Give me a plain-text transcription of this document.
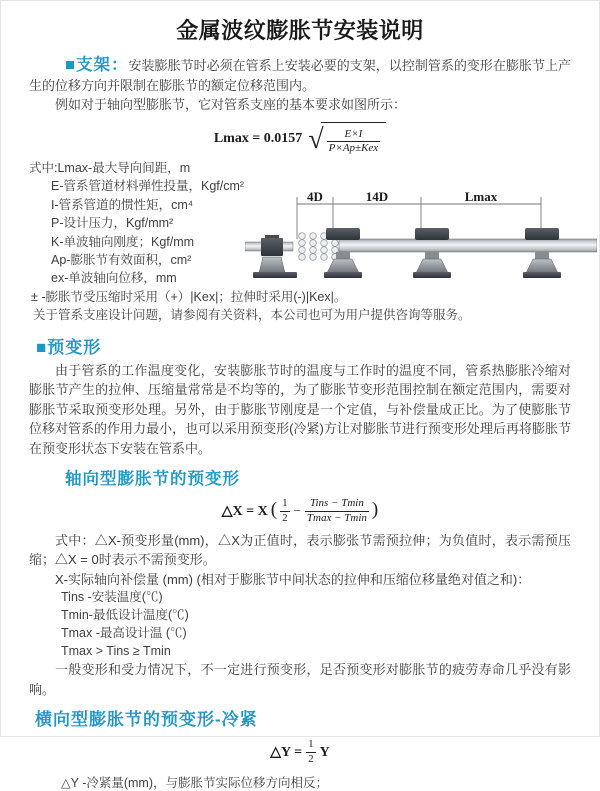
金属波纹膨胀节安装说明

■支架：安装膨胀节时必须在管系上安装必要的支架，以控制管系的变形在膨胀节上产生的位移方向并限制在膨胀节的额定位移范围内。

例如对于轴向型膨胀节，它对管系支座的基本要求如图所示：

Lmax = 0.0157 √ $\frac{E\times I}{\text{P×Ap±Kex}}$
式中:Lmax-最大导向间距，m
E-管系管道材料弹性投量，Kgf/cm²
I-管系管道的惯性矩，cm⁴
P-设计压力，Kgf/mm²
K-单波轴向刚度；Kgf/mm
Ap-膨胀节有效面积，cm²
ex-单波轴向位移，mm
± -膨胀节受压缩时采用（+）|Kex|；拉伸时采用(-)|Kex|。
关于管系支座设计问题，请参阅有关资料，本公司也可为用户提供咨询等服务。
4D	14D	Lmax
■预变形

由于管系的工作温度变化，安装膨胀节时的温度与工作时的温度不同，管系热膨胀冷缩对膨胀节产生的拉伸、压缩量常常是不均等的，为了膨胀节变形范围控制在额定范围内，需要对膨胀节采取预变形处理。另外，由于膨胀节刚度是一个定值，与补偿量成正比。为了使膨胀节位移对管系的作用力最小，也可以采用预变形(冷紧)方让对膨胀节进行预变形处理后再将膨胀节在预变形状态下安装在管系中。

轴向型膨胀节的预变形
△X = X ( $\frac{1}{2} - \frac{\text{Tins − Tmin}}{Tmax - Tmin}$ )

式中：△X-预变形量(mm)，△X为正值时，表示膨张节需预拉伸；为负值时，表示需预压缩；△X = 0时表示不需预变形。

X-实际轴向补偿量 (mm) (相对于膨胀节中间状态的拉伸和压缩位移量绝对值之和)：

Tins -安装温度(℃)
Tmin-最低设计温度(℃)
Tmax -最高设计温 (℃)
Tmax > Tins ≥ Tmin

一般变形和受力情况下，不一定进行预变形，足否预变形对膨胀节的疲劳寿命几乎没有影响。

横向型膨胀节的预变形-冷紧
△Y = $\frac{1}{2}$ Y
△Y -冷紧量(mm)，与膨胀节实际位移方向相反；
